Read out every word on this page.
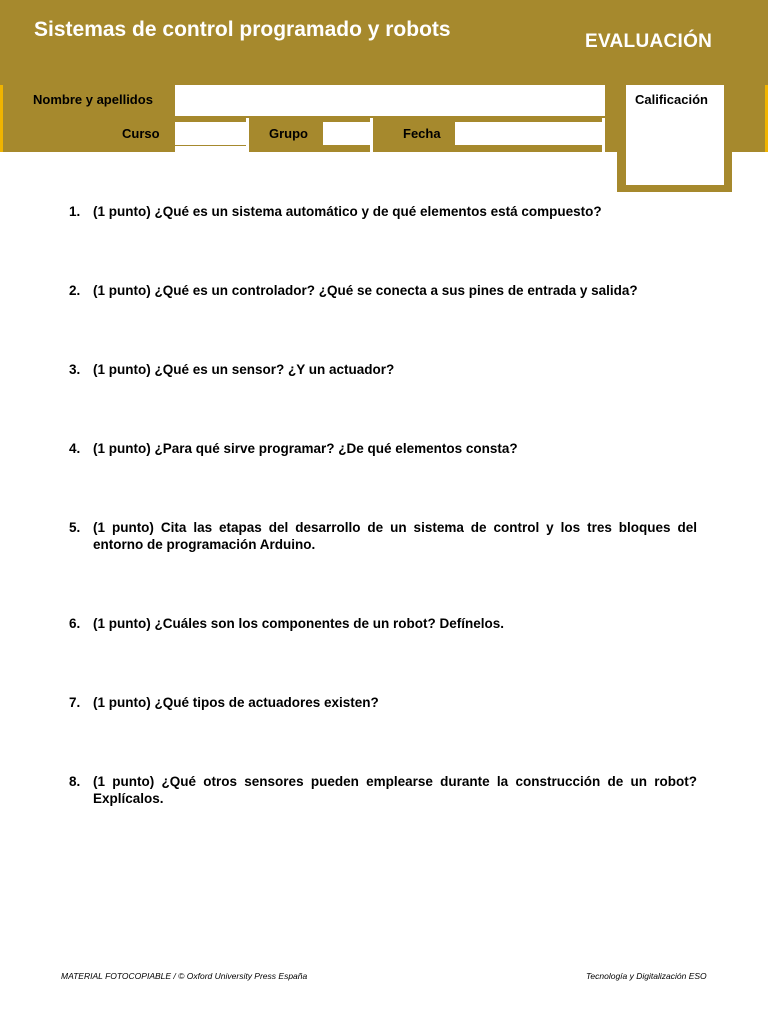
Sistemas de control programado y robots
EVALUACIÓN
Nombre y apellidos
Curso	Grupo	Fecha
Calificación
1. (1 punto) ¿Qué es un sistema automático y de qué elementos está compuesto?
2. (1 punto) ¿Qué es un controlador? ¿Qué se conecta a sus pines de entrada y salida?
3. (1 punto) ¿Qué es un sensor? ¿Y un actuador?
4. (1 punto) ¿Para qué sirve programar? ¿De qué elementos consta?
5. (1 punto) Cita las etapas del desarrollo de un sistema de control y los tres bloques del entorno de programación Arduino.
6. (1 punto) ¿Cuáles son los componentes de un robot? Defínelos.
7. (1 punto) ¿Qué tipos de actuadores existen?
8. (1 punto) ¿Qué otros sensores pueden emplearse durante la construcción de un robot? Explícalos.
MATERIAL FOTOCOPIABLE / © Oxford University Press España	Tecnología y Digitalización ESO
